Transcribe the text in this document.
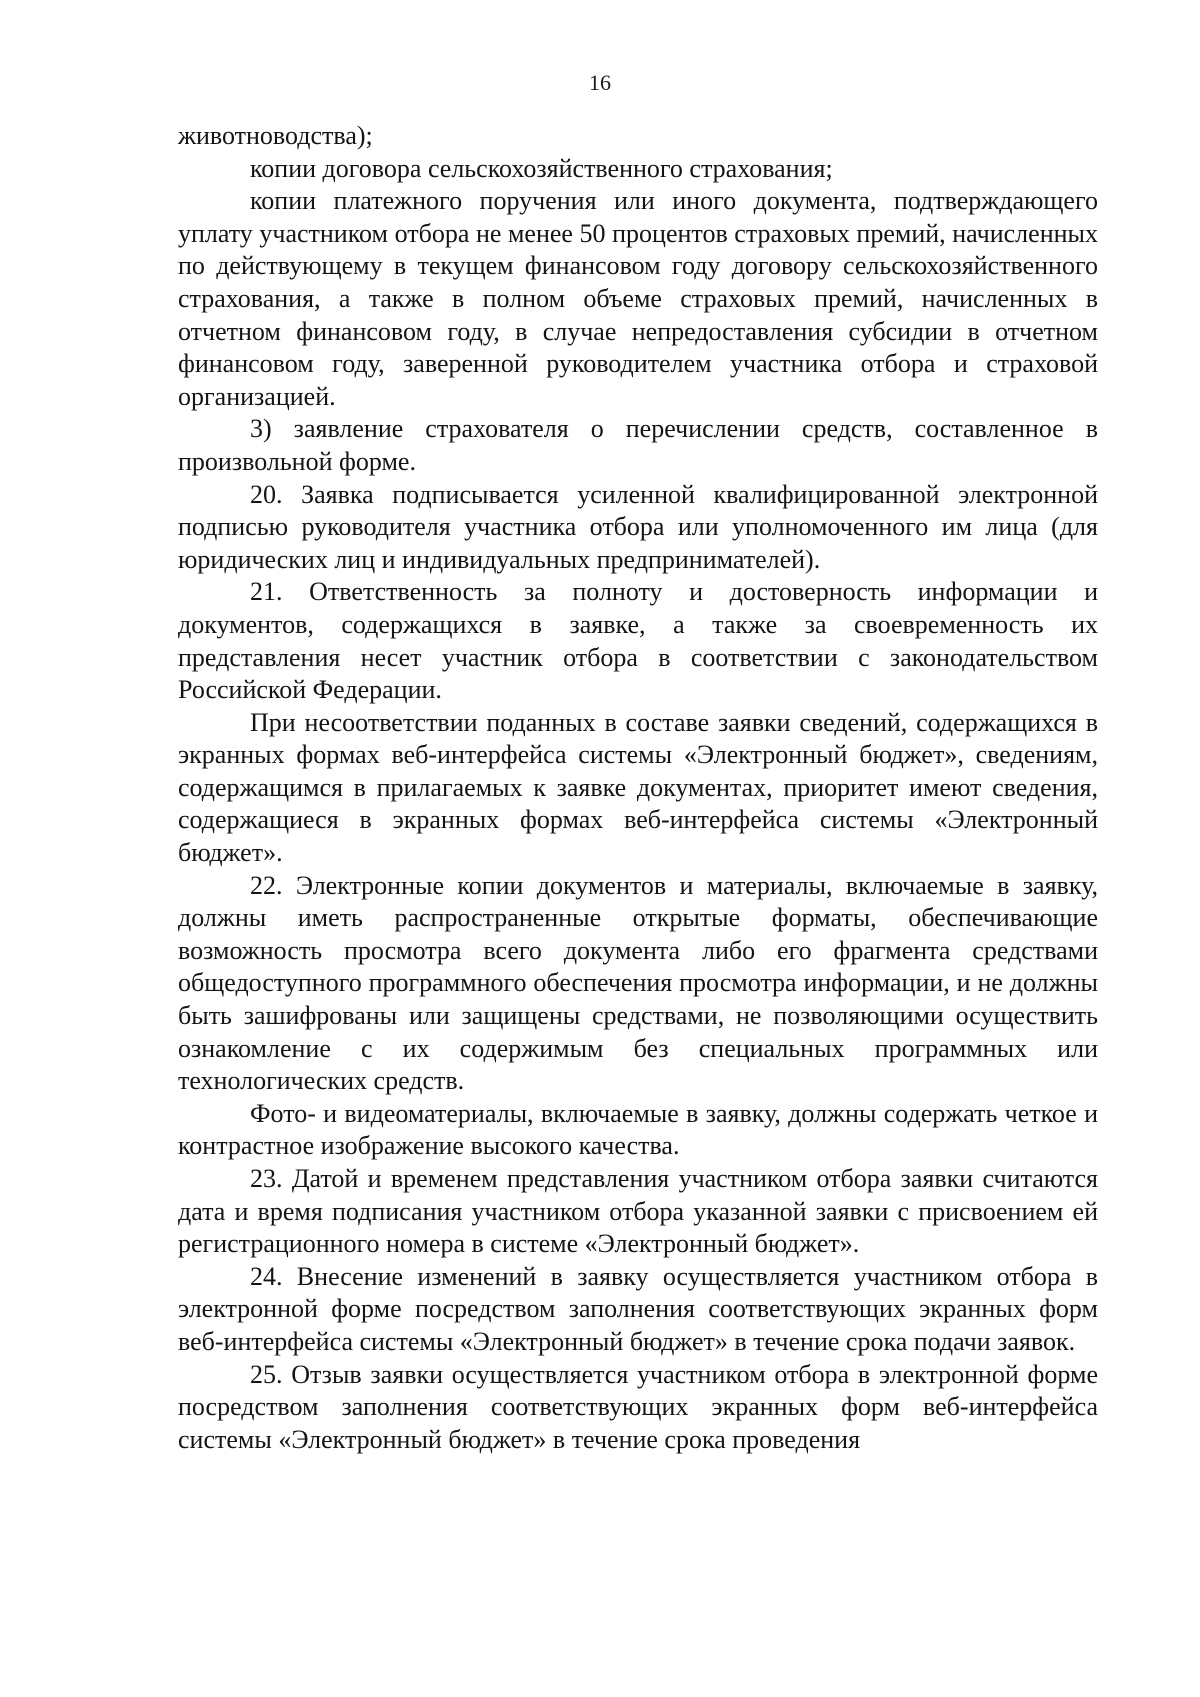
16

животноводства);

копии договора сельскохозяйственного страхования;

копии платежного поручения или иного документа, подтверждающего уплату участником отбора не менее 50 процентов страховых премий, начисленных по действующему в текущем финансовом году договору сельскохозяйственного страхования, а также в полном объеме страховых премий, начисленных в отчетном финансовом году, в случае непредоставления субсидии в отчетном финансовом году, заверенной руководителем участника отбора и страховой организацией.

3) заявление страхователя о перечислении средств, составленное в произвольной форме.

20. Заявка подписывается усиленной квалифицированной электронной подписью руководителя участника отбора или уполномоченного им лица (для юридических лиц и индивидуальных предпринимателей).

21. Ответственность за полноту и достоверность информации и документов, содержащихся в заявке, а также за своевременность их представления несет участник отбора в соответствии с законодательством Российской Федерации.

При несоответствии поданных в составе заявки сведений, содержащихся в экранных формах веб-интерфейса системы «Электронный бюджет», сведениям, содержащимся в прилагаемых к заявке документах, приоритет имеют сведения, содержащиеся в экранных формах веб-интерфейса системы «Электронный бюджет».

22. Электронные копии документов и материалы, включаемые в заявку, должны иметь распространенные открытые форматы, обеспечивающие возможность просмотра всего документа либо его фрагмента средствами общедоступного программного обеспечения просмотра информации, и не должны быть зашифрованы или защищены средствами, не позволяющими осуществить ознакомление с их содержимым без специальных программных или технологических средств.

Фото- и видеоматериалы, включаемые в заявку, должны содержать четкое и контрастное изображение высокого качества.

23. Датой и временем представления участником отбора заявки считаются дата и время подписания участником отбора указанной заявки с присвоением ей регистрационного номера в системе «Электронный бюджет».

24. Внесение изменений в заявку осуществляется участником отбора в электронной форме посредством заполнения соответствующих экранных форм веб-интерфейса системы «Электронный бюджет» в течение срока подачи заявок.

25. Отзыв заявки осуществляется участником отбора в электронной форме посредством заполнения соответствующих экранных форм веб-интерфейса системы «Электронный бюджет» в течение срока проведения
